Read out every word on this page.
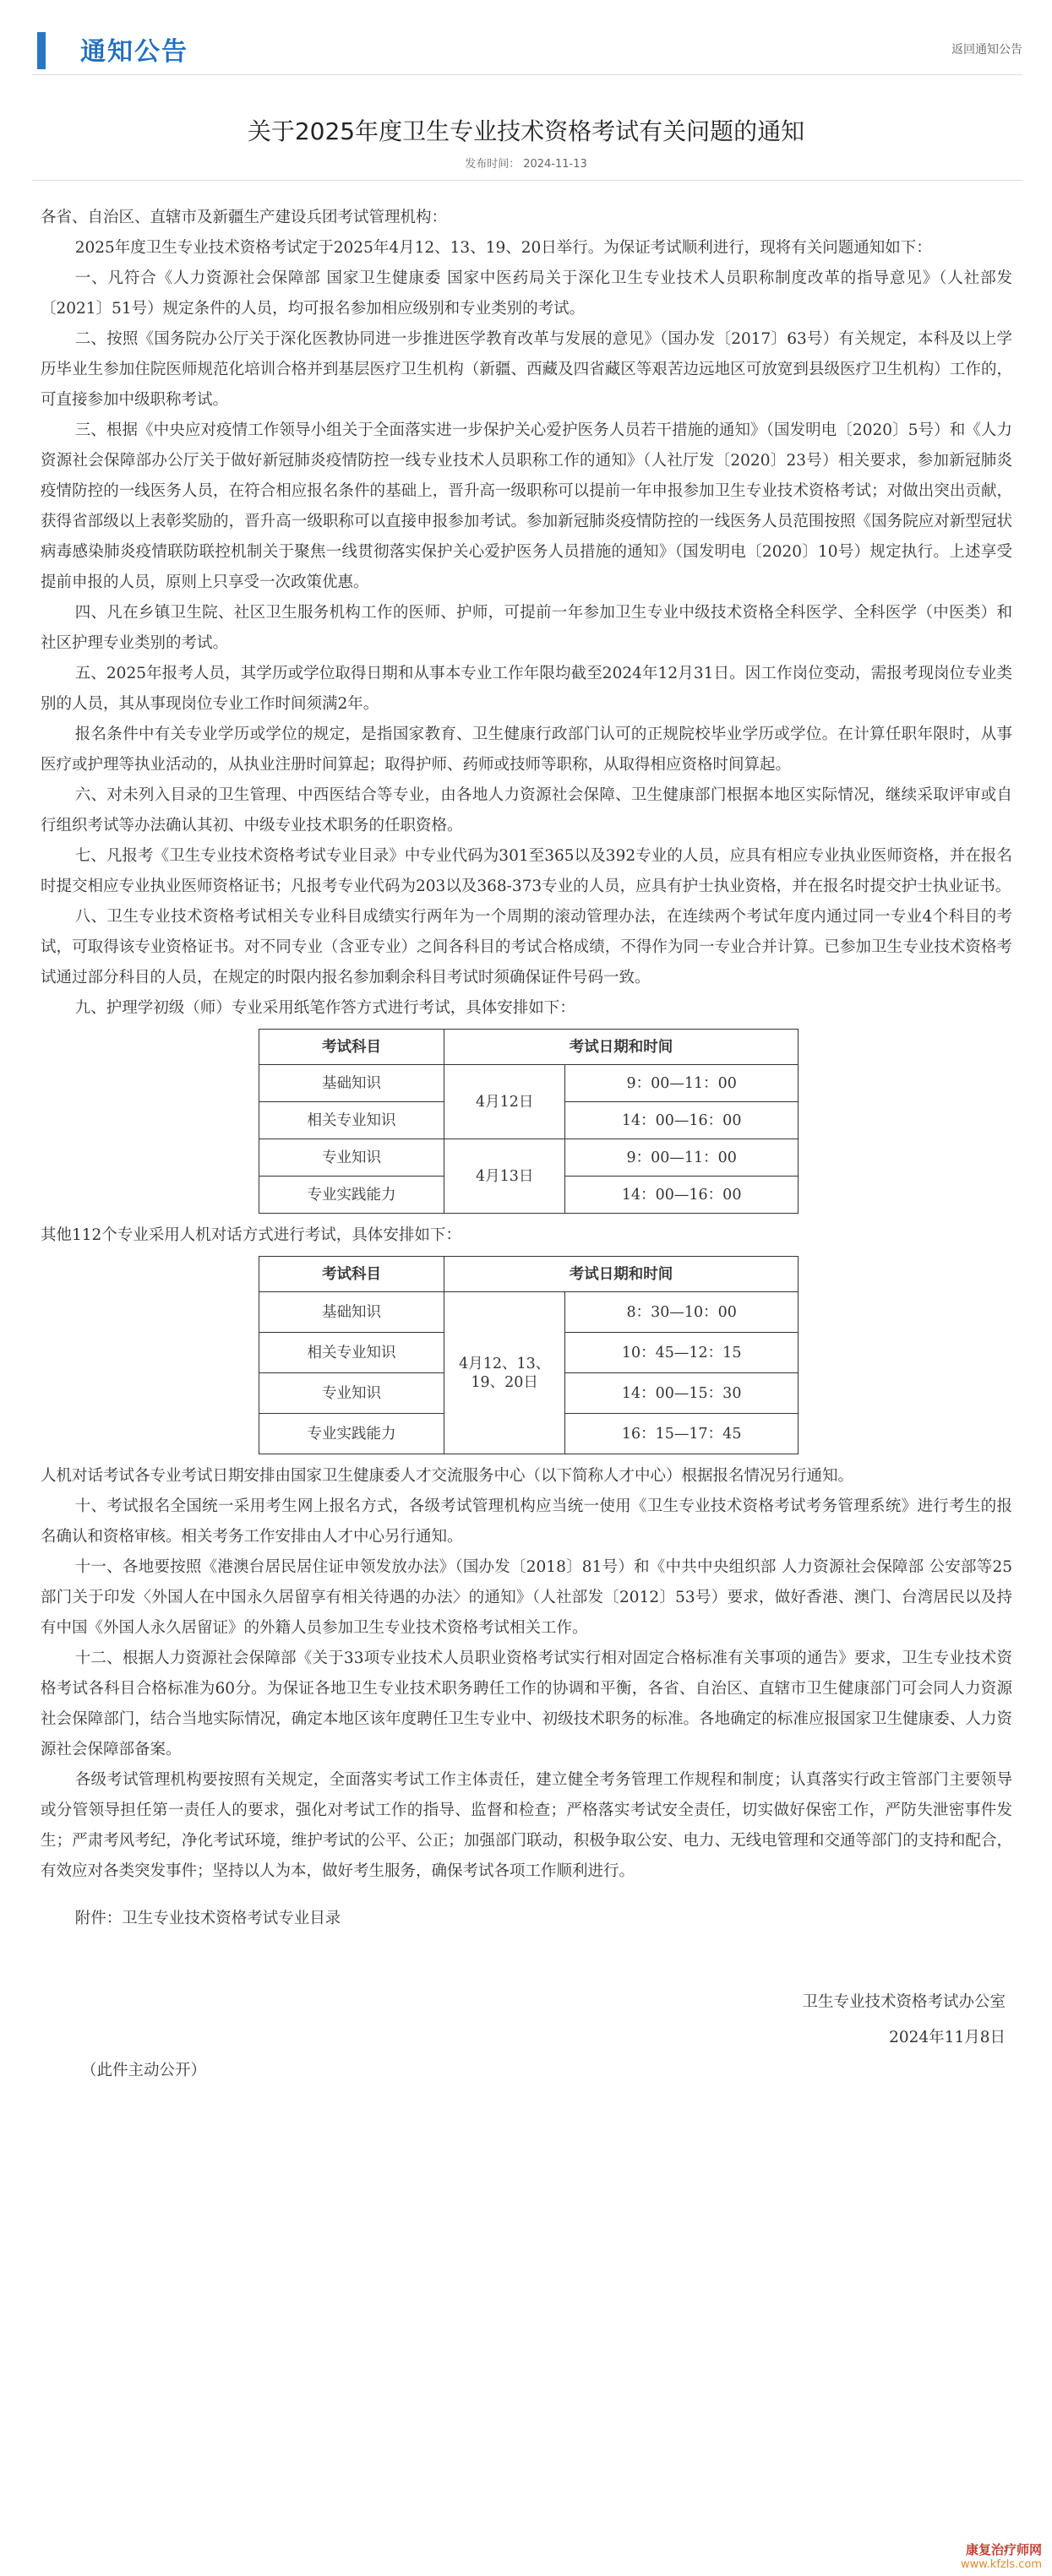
通知公告	返回通知公告
关于2025年度卫生专业技术资格考试有关问题的通知
发布时间： 2024-11-13

各省、自治区、直辖市及新疆生产建设兵团考试管理机构：

2025年度卫生专业技术资格考试定于2025年4月12、13、19、20日举行。为保证考试顺利进行，现将有关问题通知如下：

一、凡符合《人力资源社会保障部 国家卫生健康委 国家中医药局关于深化卫生专业技术人员职称制度改革的指导意见》（人社部发〔2021〕51号）规定条件的人员，均可报名参加相应级别和专业类别的考试。

二、按照《国务院办公厅关于深化医教协同进一步推进医学教育改革与发展的意见》（国办发〔2017〕63号）有关规定，本科及以上学历毕业生参加住院医师规范化培训合格并到基层医疗卫生机构（新疆、西藏及四省藏区等艰苦边远地区可放宽到县级医疗卫生机构）工作的，可直接参加中级职称考试。

三、根据《中央应对疫情工作领导小组关于全面落实进一步保护关心爱护医务人员若干措施的通知》（国发明电〔2020〕5号）和《人力资源社会保障部办公厅关于做好新冠肺炎疫情防控一线专业技术人员职称工作的通知》（人社厅发〔2020〕23号）相关要求，参加新冠肺炎疫情防控的一线医务人员，在符合相应报名条件的基础上，晋升高一级职称可以提前一年申报参加卫生专业技术资格考试；对做出突出贡献，获得省部级以上表彰奖励的，晋升高一级职称可以直接申报参加考试。参加新冠肺炎疫情防控的一线医务人员范围按照《国务院应对新型冠状病毒感染肺炎疫情联防联控机制关于聚焦一线贯彻落实保护关心爱护医务人员措施的通知》（国发明电〔2020〕10号）规定执行。上述享受提前申报的人员，原则上只享受一次政策优惠。

四、凡在乡镇卫生院、社区卫生服务机构工作的医师、护师，可提前一年参加卫生专业中级技术资格全科医学、全科医学（中医类）和社区护理专业类别的考试。

五、2025年报考人员，其学历或学位取得日期和从事本专业工作年限均截至2024年12月31日。因工作岗位变动，需报考现岗位专业类别的人员，其从事现岗位专业工作时间须满2年。

报名条件中有关专业学历或学位的规定，是指国家教育、卫生健康行政部门认可的正规院校毕业学历或学位。在计算任职年限时，从事医疗或护理等执业活动的，从执业注册时间算起；取得护师、药师或技师等职称，从取得相应资格时间算起。

六、对未列入目录的卫生管理、中西医结合等专业，由各地人力资源社会保障、卫生健康部门根据本地区实际情况，继续采取评审或自行组织考试等办法确认其初、中级专业技术职务的任职资格。

七、凡报考《卫生专业技术资格考试专业目录》中专业代码为301至365以及392专业的人员，应具有相应专业执业医师资格，并在报名时提交相应专业执业医师资格证书；凡报考专业代码为203以及368-373专业的人员，应具有护士执业资格，并在报名时提交护士执业证书。

八、卫生专业技术资格考试相关专业科目成绩实行两年为一个周期的滚动管理办法，在连续两个考试年度内通过同一专业4个科目的考试，可取得该专业资格证书。对不同专业（含亚专业）之间各科目的考试合格成绩，不得作为同一专业合并计算。已参加卫生专业技术资格考试通过部分科目的人员，在规定的时限内报名参加剩余科目考试时须确保证件号码一致。

九、护理学初级（师）专业采用纸笔作答方式进行考试，具体安排如下：

考试科目	考试日期和时间	
基础知识	4月12日	9：00—11：00
相关专业知识		14：00—16：00
专业知识	4月13日	9：00—11：00
专业实践能力		14：00—16：00

其他112个专业采用人机对话方式进行考试，具体安排如下：

考试科目	考试日期和时间	
基础知识	4月12、13、19、20日	8：30—10：00
相关专业知识		10：45—12：15
专业知识		14：00—15：30
专业实践能力		16：15—17：45

人机对话考试各专业考试日期安排由国家卫生健康委人才交流服务中心（以下简称人才中心）根据报名情况另行通知。

十、考试报名全国统一采用考生网上报名方式，各级考试管理机构应当统一使用《卫生专业技术资格考试考务管理系统》进行考生的报名确认和资格审核。相关考务工作安排由人才中心另行通知。

十一、各地要按照《港澳台居民居住证申领发放办法》（国办发〔2018〕81号）和《中共中央组织部 人力资源社会保障部 公安部等25部门关于印发〈外国人在中国永久居留享有相关待遇的办法〉的通知》（人社部发〔2012〕53号）要求，做好香港、澳门、台湾居民以及持有中国《外国人永久居留证》的外籍人员参加卫生专业技术资格考试相关工作。

十二、根据人力资源社会保障部《关于33项专业技术人员职业资格考试实行相对固定合格标准有关事项的通告》要求，卫生专业技术资格考试各科目合格标准为60分。为保证各地卫生专业技术职务聘任工作的协调和平衡，各省、自治区、直辖市卫生健康部门可会同人力资源社会保障部门，结合当地实际情况，确定本地区该年度聘任卫生专业中、初级技术职务的标准。各地确定的标准应报国家卫生健康委、人力资源社会保障部备案。

各级考试管理机构要按照有关规定，全面落实考试工作主体责任，建立健全考务管理工作规程和制度；认真落实行政主管部门主要领导或分管领导担任第一责任人的要求，强化对考试工作的指导、监督和检查；严格落实考试安全责任，切实做好保密工作，严防失泄密事件发生；严肃考风考纪，净化考试环境，维护考试的公平、公正；加强部门联动，积极争取公安、电力、无线电管理和交通等部门的支持和配合，有效应对各类突发事件；坚持以人为本，做好考生服务，确保考试各项工作顺利进行。

附件：卫生专业技术资格考试专业目录

卫生专业技术资格考试办公室

2024年11月8日

（此件主动公开）

康复治疗师网
www.kfzls.com
